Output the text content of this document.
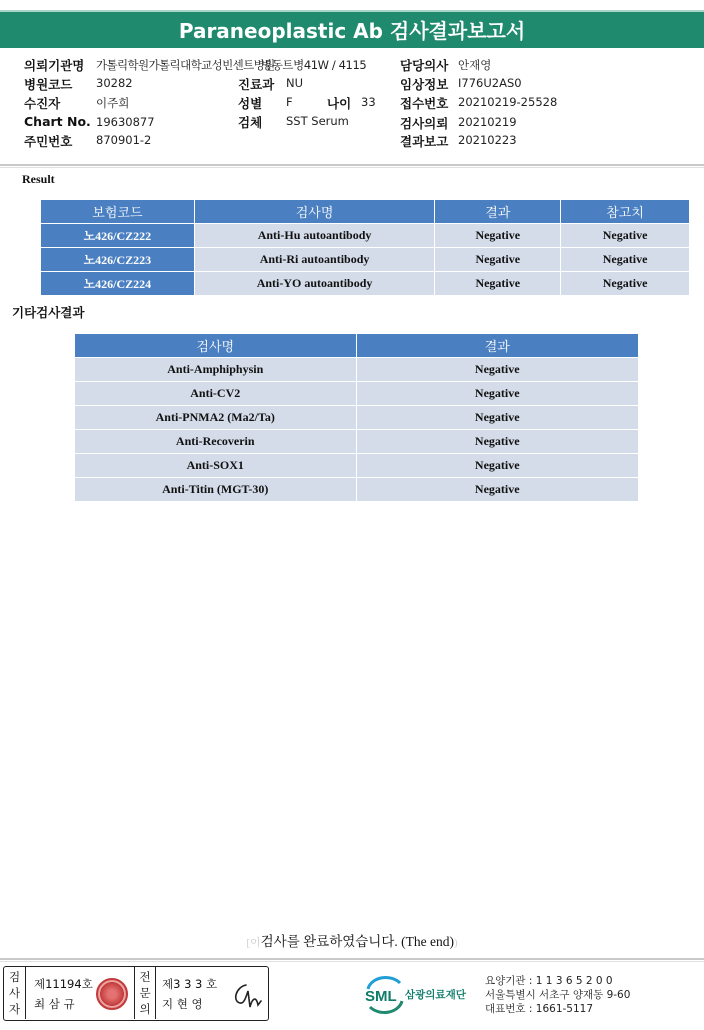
Paraneoplastic Ab 검사결과보고서
의뢰기관명 가톨릭학원가톨릭대학교성빈센트병원
병동트병41W / 4115	담당의사 안재영
병원코드 30282	진료과 NU	임상정보 I776U2AS0
수진자	이주희	성별 F	나이 33 접수번호 20210219-25528
Chart No. 19630877	검체 SST Serum	검사의뢰 20210219
주민번호 870901-2	결과보고 20210223
Result
보험코드	검사명	결과	참고치
노426/CZ222	Anti-Hu autoantibody	Negative	Negative
노426/CZ223	Anti-Ri autoantibody	Negative	Negative
노426/CZ224	Anti-YO autoantibody	Negative	Negative
기타검사결과
검사명	결과
Anti-Amphiphysin	Negative
Anti-CV2	Negative
Anti-PNMA2 (Ma2/Ta)	Negative
Anti-Recoverin	Negative
Anti-SOX1	Negative
Anti-Titin (MGT-30)	Negative
[이검사를 완료하였습니다. (The end))
검
사
자
제11194호
최 삼 규
전
문
의
제3 3 3 호
지 현 영	SML 삼광의료재단
요양기관 : 1 1 3 6 5 2 0 0
서울특별시 서초구 양재동 9-60
대표번호 : 1661-5117
